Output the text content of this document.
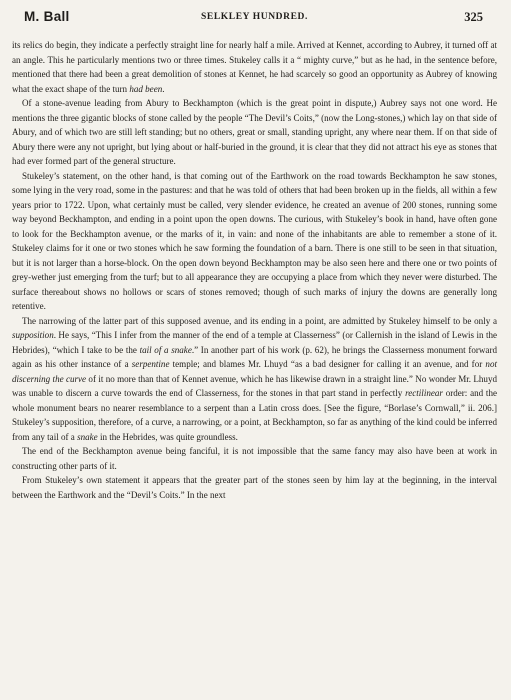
M. Ball	SELKLEY HUNDRED.	325

its relics do begin, they indicate a perfectly straight line for nearly half a mile. Arrived at Kennet, according to Aubrey, it turned off at an angle. This he particularly mentions two or three times. Stukeley calls it a “ mighty curve,” but as he had, in the sentence before, mentioned that there had been a great demolition of stones at Kennet, he had scarcely so good an opportunity as Aubrey of knowing what the exact shape of the turn had been.

Of a stone-avenue leading from Abury to Beckhampton (which is the great point in dispute,) Aubrey says not one word. He mentions the three gigantic blocks of stone called by the people “The Devil’s Coits,” (now the Long-stones,) which lay on that side of Abury, and of which two are still left standing; but no others, great or small, standing upright, any where near them. If on that side of Abury there were any not upright, but lying about or half-buried in the ground, it is clear that they did not attract his eye as stones that had ever formed part of the general structure.

Stukeley’s statement, on the other hand, is that coming out of the Earthwork on the road towards Beckhampton he saw stones, some lying in the very road, some in the pastures: and that he was told of others that had been broken up in the fields, all within a few years prior to 1722. Upon, what certainly must be called, very slender evidence, he created an avenue of 200 stones, running some way beyond Beckhampton, and ending in a point upon the open downs. The curious, with Stukeley’s book in hand, have often gone to look for the Beckhampton avenue, or the marks of it, in vain: and none of the inhabitants are able to remember a stone of it. Stukeley claims for it one or two stones which he saw forming the foundation of a barn. There is one still to be seen in that situation, but it is not larger than a horse-block. On the open down beyond Beckhampton may be also seen here and there one or two points of grey-wether just emerging from the turf; but to all appearance they are occupying a place from which they never were disturbed. The surface thereabout shows no hollows or scars of stones removed; though of such marks of injury the downs are generally long retentive.

The narrowing of the latter part of this supposed avenue, and its ending in a point, are admitted by Stukeley himself to be only a supposition. He says, “This I infer from the manner of the end of a temple at Classerness” (or Callernish in the island of Lewis in the Hebrides), “which I take to be the tail of a snake.” In another part of his work (p. 62), he brings the Classerness monument forward again as his other instance of a serpentine temple; and blames Mr. Lhuyd “as a bad designer for calling it an avenue, and for not discerning the curve of it no more than that of Kennet avenue, which he has likewise drawn in a straight line.” No wonder Mr. Lhuyd was unable to discern a curve towards the end of Classerness, for the stones in that part stand in perfectly rectilinear order: and the whole monument bears no nearer resemblance to a serpent than a Latin cross does. [See the figure, “Borlase’s Cornwall,” ii. 206.] Stukeley’s supposition, therefore, of a curve, a narrowing, or a point, at Beckhampton, so far as anything of the kind could be inferred from any tail of a snake in the Hebrides, was quite groundless.

The end of the Beckhampton avenue being fanciful, it is not impossible that the same fancy may also have been at work in constructing other parts of it.

From Stukeley’s own statement it appears that the greater part of the stones seen by him lay at the beginning, in the interval between the Earthwork and the “Devil’s Coits.” In the next
